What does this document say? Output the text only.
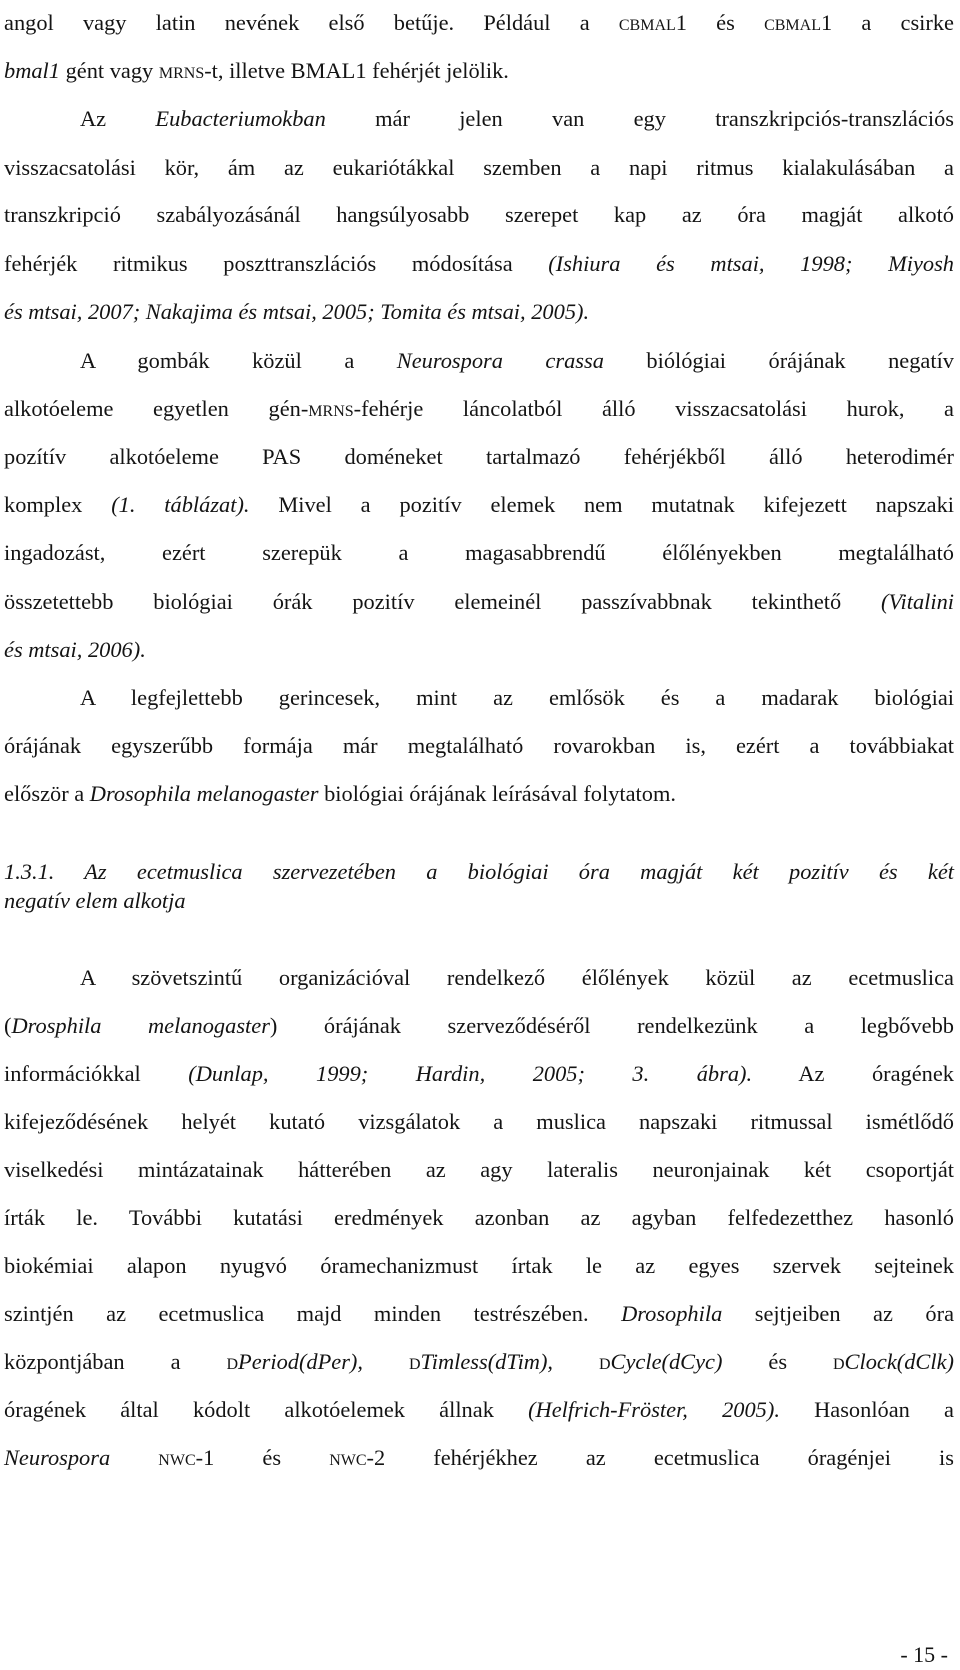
angol vagy latin nevének első betűje. Például a cbmal1 és cbmal1 a csirke
bmal1 gént vagy mrns-t, illetve BMAL1 fehérjét jelölik.
Az Eubacteriumokban már jelen van egy transzkripciós-transzlációs
visszacsatolási kör, ám az eukariótákkal szemben a napi ritmus kialakulásában a
transzkripció szabályozásánál hangsúlyosabb szerepet kap az óra magját alkotó
fehérjék ritmikus poszttranszlációs módosítása (Ishiura és mtsai, 1998; Miyosh
és mtsai, 2007; Nakajima és mtsai, 2005; Tomita és mtsai, 2005).
A gombák közül a Neurospora crassa biólógiai órájának negatív
alkotóeleme egyetlen gén-mrns-fehérje láncolatból álló visszacsatolási hurok, a
pozítív alkotóeleme PAS doméneket tartalmazó fehérjékből álló heterodimér
komplex (1. táblázat). Mivel a pozitív elemek nem mutatnak kifejezett napszaki
ingadozást, ezért szerepük a magasabbrendű élőlényekben megtalálható
összetettebb biológiai órák pozitív elemeinél passzívabbnak tekinthető (Vitalini
és mtsai, 2006).
A legfejlettebb gerincesek, mint az emlősök és a madarak biológiai
órájának egyszerűbb formája már megtalálható rovarokban is, ezért a továbbiakat
először a Drosophila melanogaster biológiai órájának leírásával folytatom.
1.3.1. Az ecetmuslica szervezetében a biológiai óra magját két pozitív és két
negatív elem alkotja
A szövetszintű organizációval rendelkező élőlények közül az ecetmuslica
(Drosphila melanogaster) órájának szerveződéséről rendelkezünk a legbővebb
információkkal (Dunlap, 1999; Hardin, 2005; 3. ábra). Az óragének
kifejeződésének helyét kutató vizsgálatok a muslica napszaki ritmussal ismétlődő
viselkedési mintázatainak hátterében az agy lateralis neuronjainak két csoportját
írták le. További kutatási eredmények azonban az agyban felfedezetthez hasonló
biokémiai alapon nyugvó óramechanizmust írtak le az egyes szervek sejteinek
szintjén az ecetmuslica majd minden testrészében. Drosophila sejtjeiben az óra
központjában a dPeriod(dPer), dTimless(dTim), dCycle(dCyc) és dClock(dClk)
óragének által kódolt alkotóelemek állnak (Helfrich-Fröster, 2005). Hasonlóan a
Neurospora nwc-1 és nwc-2 fehérjékhez az ecetmuslica óragénjei is
- 15 -
